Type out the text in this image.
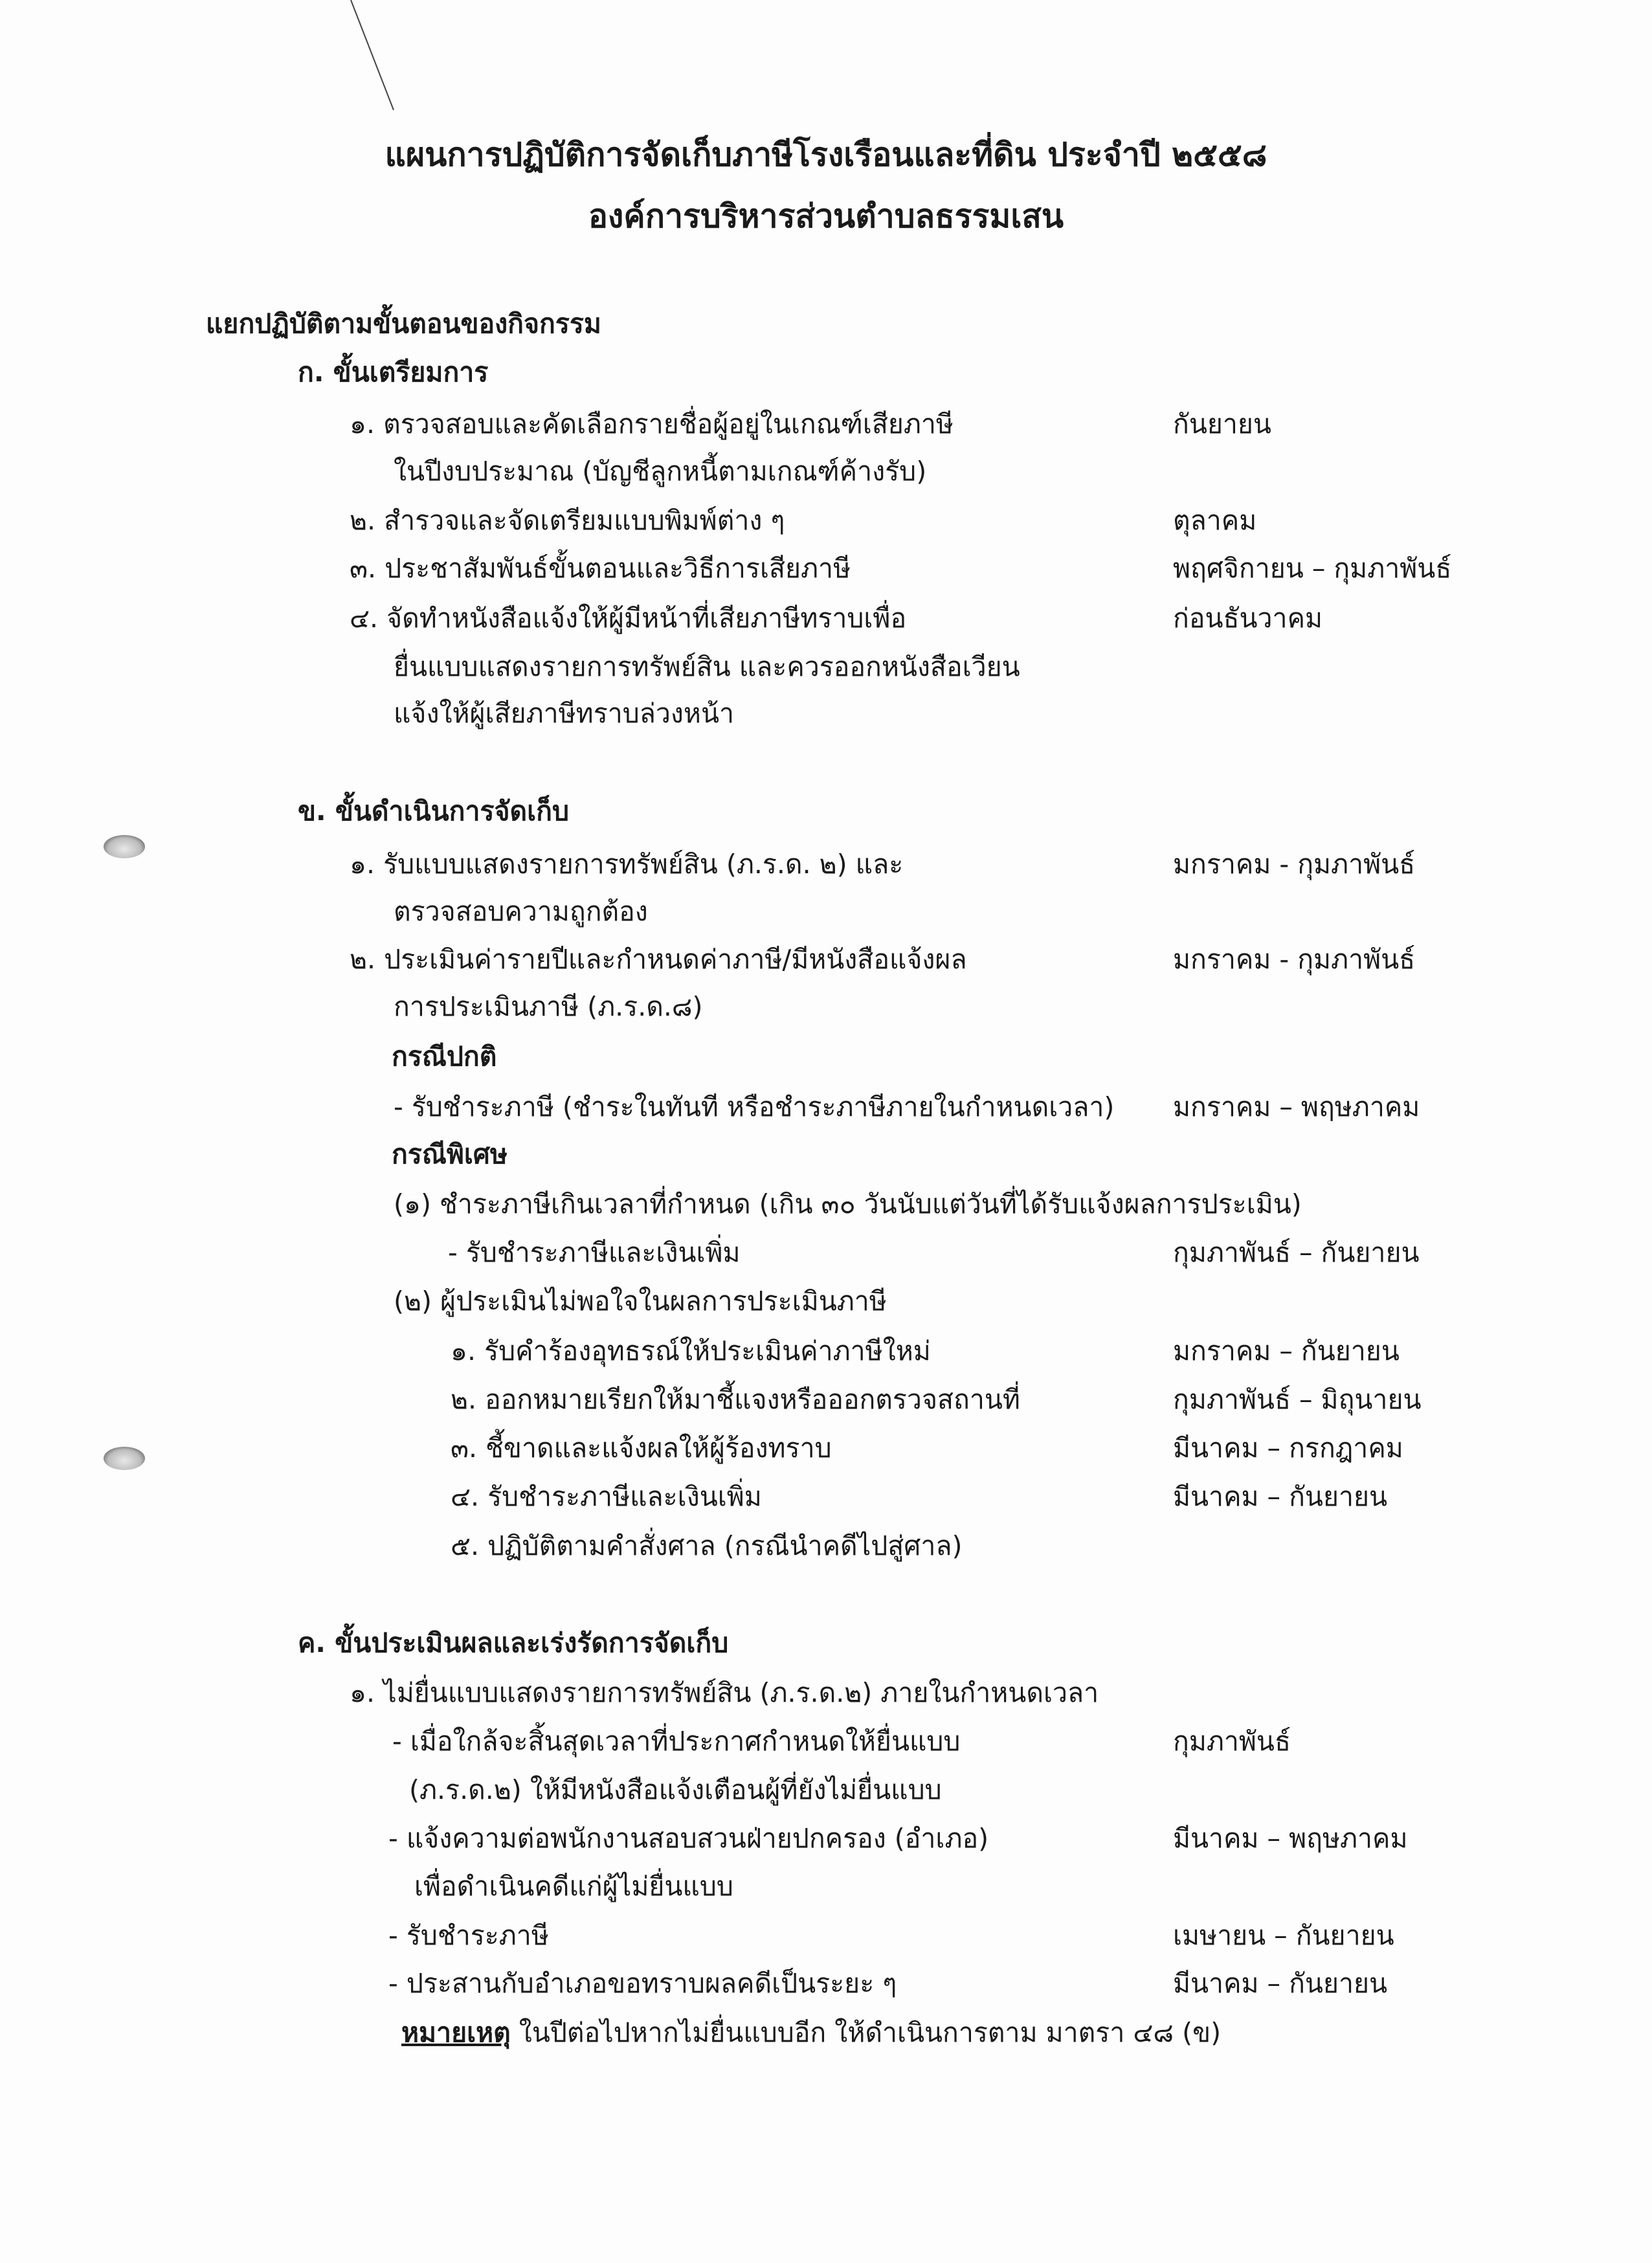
แผนการปฏิบัติการจัดเก็บภาษีโรงเรือนและที่ดิน ประจำปี ๒๕๕๘
องค์การบริหารส่วนตำบลธรรมเสน
แยกปฏิบัติตามขั้นตอนของกิจกรรม
ก. ขั้นเตรียมการ
๑. ตรวจสอบและคัดเลือกรายชื่อผู้อยู่ในเกณฑ์เสียภาษี	กันยายน
ในปีงบประมาณ (บัญชีลูกหนี้ตามเกณฑ์ค้างรับ)
๒. สำรวจและจัดเตรียมแบบพิมพ์ต่าง ๆ	ตุลาคม
๓. ประชาสัมพันธ์ขั้นตอนและวิธีการเสียภาษี	พฤศจิกายน – กุมภาพันธ์
๔. จัดทำหนังสือแจ้งให้ผู้มีหน้าที่เสียภาษีทราบเพื่อ	ก่อนธันวาคม
ยื่นแบบแสดงรายการทรัพย์สิน และควรออกหนังสือเวียน
แจ้งให้ผู้เสียภาษีทราบล่วงหน้า
ข. ขั้นดำเนินการจัดเก็บ
๑. รับแบบแสดงรายการทรัพย์สิน (ภ.ร.ด. ๒) และ	มกราคม - กุมภาพันธ์
ตรวจสอบความถูกต้อง
๒. ประเมินค่ารายปีและกำหนดค่าภาษี/มีหนังสือแจ้งผล	มกราคม - กุมภาพันธ์
การประเมินภาษี (ภ.ร.ด.๘)
กรณีปกติ
- รับชำระภาษี (ชำระในทันที หรือชำระภาษีภายในกำหนดเวลา) มกราคม – พฤษภาคม
กรณีพิเศษ
(๑) ชำระภาษีเกินเวลาที่กำหนด (เกิน ๓๐ วันนับแต่วันที่ได้รับแจ้งผลการประเมิน)
- รับชำระภาษีและเงินเพิ่ม	กุมภาพันธ์ – กันยายน
(๒) ผู้ประเมินไม่พอใจในผลการประเมินภาษี
๑. รับคำร้องอุทธรณ์ให้ประเมินค่าภาษีใหม่	มกราคม – กันยายน
๒. ออกหมายเรียกให้มาชี้แจงหรือออกตรวจสถานที่	กุมภาพันธ์ – มิถุนายน
๓. ชี้ขาดและแจ้งผลให้ผู้ร้องทราบ	มีนาคม – กรกฎาคม
๔. รับชำระภาษีและเงินเพิ่ม	มีนาคม – กันยายน
๕. ปฏิบัติตามคำสั่งศาล (กรณีนำคดีไปสู่ศาล)
ค. ขั้นประเมินผลและเร่งรัดการจัดเก็บ
๑. ไม่ยื่นแบบแสดงรายการทรัพย์สิน (ภ.ร.ด.๒) ภายในกำหนดเวลา
- เมื่อใกล้จะสิ้นสุดเวลาที่ประกาศกำหนดให้ยื่นแบบ	กุมภาพันธ์
(ภ.ร.ด.๒) ให้มีหนังสือแจ้งเตือนผู้ที่ยังไม่ยื่นแบบ
- แจ้งความต่อพนักงานสอบสวนฝ่ายปกครอง (อำเภอ)	มีนาคม – พฤษภาคม
เพื่อดำเนินคดีแก่ผู้ไม่ยื่นแบบ
- รับชำระภาษี	เมษายน – กันยายน
- ประสานกับอำเภอขอทราบผลคดีเป็นระยะ ๆ	มีนาคม – กันยายน
หมายเหตุ ในปีต่อไปหากไม่ยื่นแบบอีก ให้ดำเนินการตาม มาตรา ๔๘ (ข)
